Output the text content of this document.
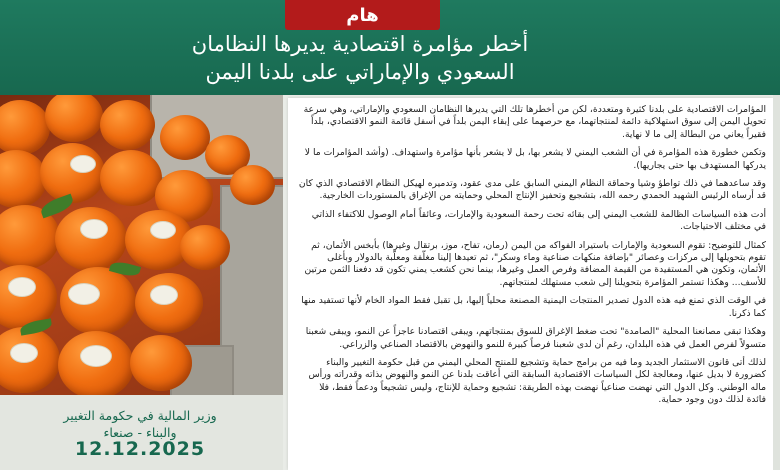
هام
أخطر مؤامرة اقتصادية يديرها النظامان
السعودي والإماراتي على بلدنا اليمن
وزير المالية في حكومة التغيير
والبناء - صنعاء
12.12.2025

المؤامرات الاقتصادية على بلدنا كثيرة ومتعددة، لكن من أخطرها تلك التي يديرها النظامان السعودي والإماراتي، وهي سرعة تحويل اليمن إلى سوق استهلاكية دائمة لمنتجاتهما، مع حرصهما على إبقاء اليمن بلداً في أسفل قائمة النمو الاقتصادي، بلداً فقيراً يعاني من البطالة إلى ما لا نهاية.

وتكمن خطورة هذه المؤامرة في أن الشعب اليمني لا يشعر بها، بل لا يشعر بأنها مؤامرة واستهداف. (وأشد المؤامرات ما لا يدركها المستهدف بها حتى يجاريها).

وقد ساعدهما في ذلك تواطؤ وشيا وحماقة النظام اليمني السابق على مدى عقود، وتدميره لهيكل النظام الاقتصادي الذي كان قد أرساه الرئيس الشهيد الحمدي رحمه الله، بتشجيع وتحفيز الإنتاج المحلي وحمايته من الإغراق بالمستوردات الخارجية.

أدت هذه السياسات الظالمة للشعب اليمني إلى بقائه تحت رحمة السعودية والإمارات، وعائقاً أمام الوصول للاكتفاء الذاتي في مختلف الاحتياجات.

كمثال للتوضيح: تقوم السعودية والإمارات باستيراد الفواكه من اليمن (رمان، تفاح، موز، برتقال وغيرها) بأبخس الأثمان، ثم تقوم بتحويلها إلى مركزات وعصائر "بإضافة منكهات صناعية وماء وسكر"، ثم تعيدها إلينا مغلّفة ومعلّبة بالدولار وبأغلى الأثمان، وتكون هي المستفيدة من القيمة المضافة وفرص العمل وغيرها، بينما نحن كشعب يمني تكون قد دفعنا الثمن مرتين للأسف... وهكذا تستمر المؤامرة بتحويلنا إلى شعب مستهلك لمنتجاتهم.

في الوقت الذي تمنع فيه هذه الدول تصدير المنتجات اليمنية المصنعة محلياً إليها، بل تقبل فقط المواد الخام لأنها تستفيد منها كما ذكرنا.

وهكذا تبقى مصانعنا المحلية "الصامدة" تحت ضغط الإغراق للسوق بمنتجاتهم، ويبقى اقتصادنا عاجزاً عن النمو، ويبقى شعبنا متسولاً لفرص العمل في هذه البلدان، رغم أن لدى شعبنا فرصاً كبيرة للنمو والنهوض بالاقتصاد الصناعي والزراعي.

لذلك أتى قانون الاستثمار الجديد وما فيه من برامج حماية وتشجيع للمنتج المحلي اليمني من قبل حكومة التغيير والبناء كضرورة لا بديل عنها، ومعالجة لكل السياسات الاقتصادية السابقة التي أعاقت بلدنا عن النمو والنهوض بذاته وقدراته ورأس ماله الوطني. وكل الدول التي نهضت صناعياً نهضت بهذه الطريقة: تشجيع وحماية للإنتاج، وليس تشجيعاً ودعماً فقط، فلا فائدة لذلك دون وجود حماية.
